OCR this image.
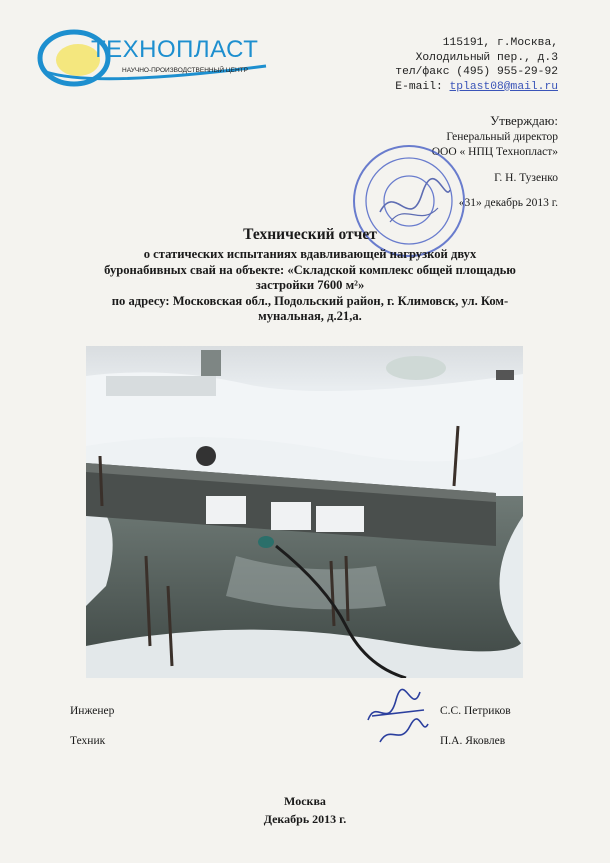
ТЕХНОПЛАСТ
НАУЧНО-ПРОИЗВОДСТВЕННЫЙ ЦЕНТР
115191, г.Москва,
Холодильный пер., д.3
тел/факс (495) 955-29-92
E-mail: tplast08@mail.ru
Утверждаю:
Генеральный директор
ООО « НПЦ Технопласт»
Г. Н. Тузенко
«31» декабрь 2013 г.
Технический отчет
о статических испытаниях вдавливающей нагрузкой двух
буронабивных свай на объекте: «Складской комплекс общей площадью
застройки 7600 м²»
по адресу: Московская обл., Подольский район, г. Климовск, ул. Ком-
мунальная, д.21,а.
Инженер	С.С. Петриков
Техник	П.А. Яковлев
Москва
Декабрь 2013 г.
